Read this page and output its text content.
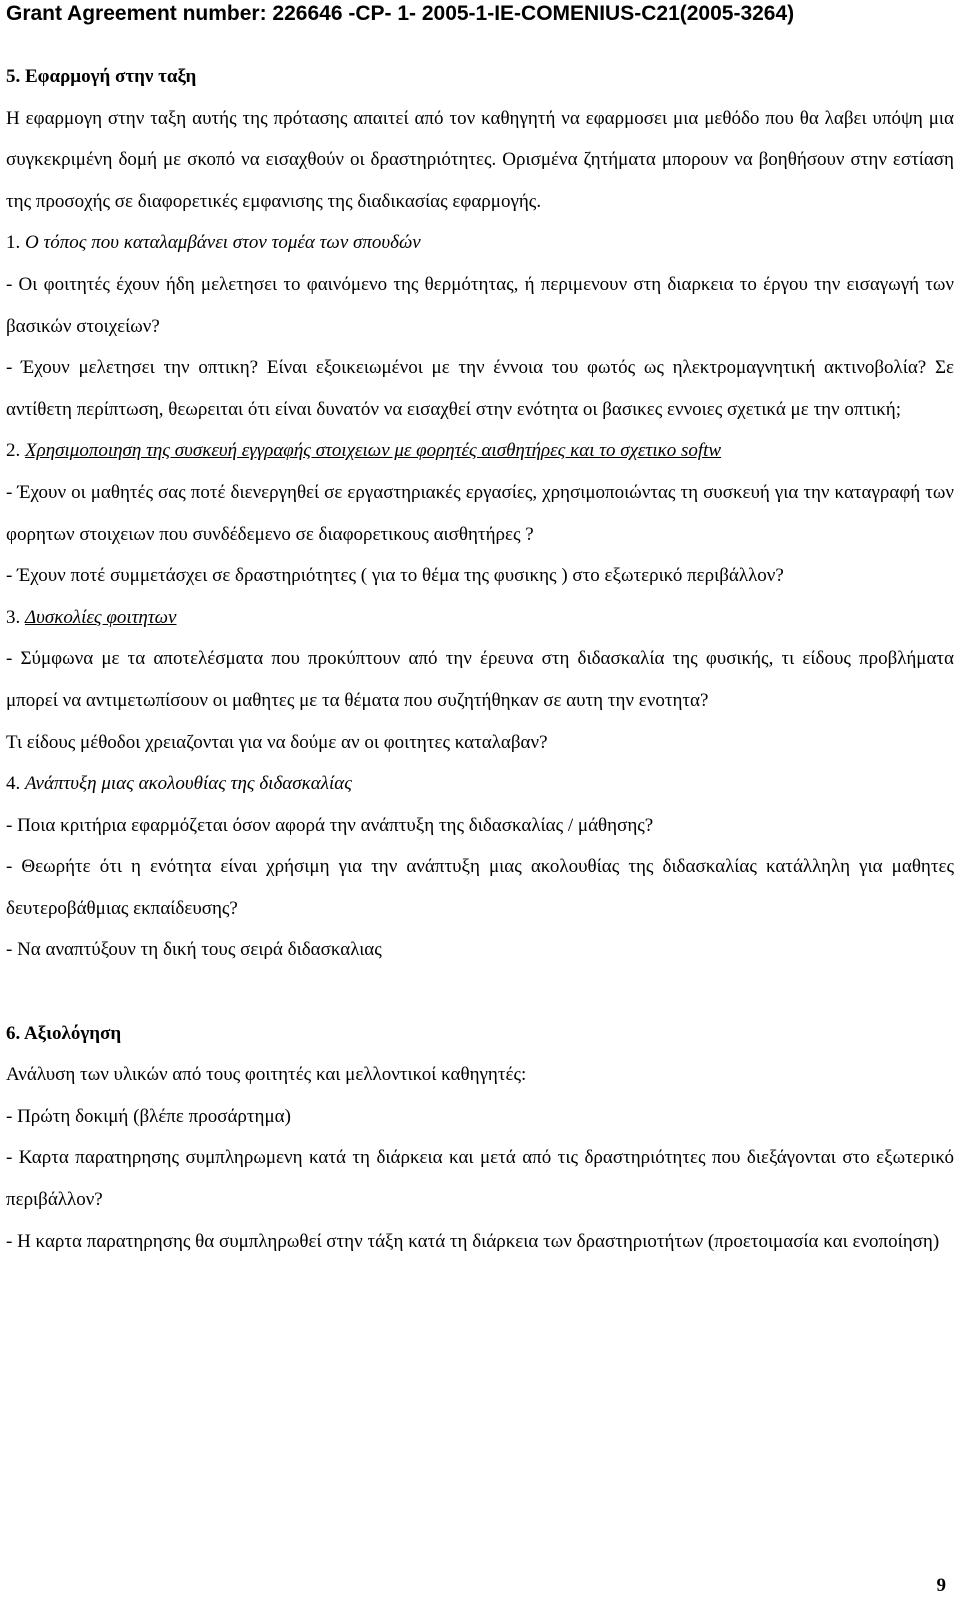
Grant Agreement number: 226646 -CP- 1- 2005-1-IE-COMENIUS-C21(2005-3264)
5. Εφαρμογή στην ταξη
Η εφαρμογη στην ταξη αυτής της πρότασης απαιτεί από τον καθηγητή να εφαρμοσει μια μεθόδο που θα λαβει υπόψη μια συγκεκριμένη δομή με σκοπό να εισαχθούν οι δραστηριότητες. Ορισμένα ζητήματα μπορουν να βοηθήσουν στην εστίαση της προσοχής σε διαφορετικές εμφανισης της διαδικασίας εφαρμογής.
1. Ο τόπος που καταλαμβάνει στον τομέα των σπουδών
- Οι φοιτητές έχουν ήδη μελετησει το φαινόμενο της θερμότητας, ή περιμενουν στη διαρκεια το έργου την εισαγωγή των βασικών στοιχείων?
- Έχουν μελετησει την οπτικη? Είναι εξοικειωμένοι με την έννοια του φωτός ως ηλεκτρομαγνητική ακτινοβολία? Σε αντίθετη περίπτωση, θεωρειται ότι είναι δυνατόν να εισαχθεί στην ενότητα οι βασικες εννοιες σχετικά με την οπτική;
2. Χρησιμοποιηση της συσκευή εγγραφής στοιχειων με φορητές αισθητήρες και το σχετικο softw
- Έχουν οι μαθητές σας ποτέ διενεργηθεί σε εργαστηριακές εργασίες, χρησιμοποιώντας τη συσκευή για την καταγραφή των φορητων στοιχειων που συνδέδεμενο σε διαφορετικους αισθητήρες ?
- Έχουν ποτέ συμμετάσχει σε δραστηριότητες ( για το θέμα της φυσικης ) στο εξωτερικό περιβάλλον?
3. Δυσκολίες φοιτητων
- Σύμφωνα με τα αποτελέσματα που προκύπτουν από την έρευνα στη διδασκαλία της φυσικής, τι είδους προβλήματα μπορεί να αντιμετωπίσουν οι μαθητες με τα θέματα που συζητήθηκαν σε αυτη την ενοτητα?
Τι είδους μέθοδοι χρειαζονται για να δούμε αν οι φοιτητες καταλαβαν?
4. Ανάπτυξη μιας ακολουθίας της διδασκαλίας
- Ποια κριτήρια εφαρμόζεται όσον αφορά την ανάπτυξη της διδασκαλίας / μάθησης?
- Θεωρήτε ότι η ενότητα είναι χρήσιμη για την ανάπτυξη μιας ακολουθίας της διδασκαλίας κατάλληλη για μαθητες δευτεροβάθμιας εκπαίδευσης?
- Να αναπτύξουν τη δική τους σειρά διδασκαλιας
6. Αξιολόγηση
Ανάλυση των υλικών από τους φοιτητές και μελλοντικοί καθηγητές:
- Πρώτη δοκιμή (βλέπε προσάρτημα)
- Καρτα παρατηρησης συμπληρωμενη κατά τη διάρκεια και μετά από τις δραστηριότητες που διεξάγονται στο εξωτερικό περιβάλλον?
- Η καρτα παρατηρησης θα συμπληρωθεί στην τάξη κατά τη διάρκεια των δραστηριοτήτων (προετοιμασία και ενοποίηση)
9
